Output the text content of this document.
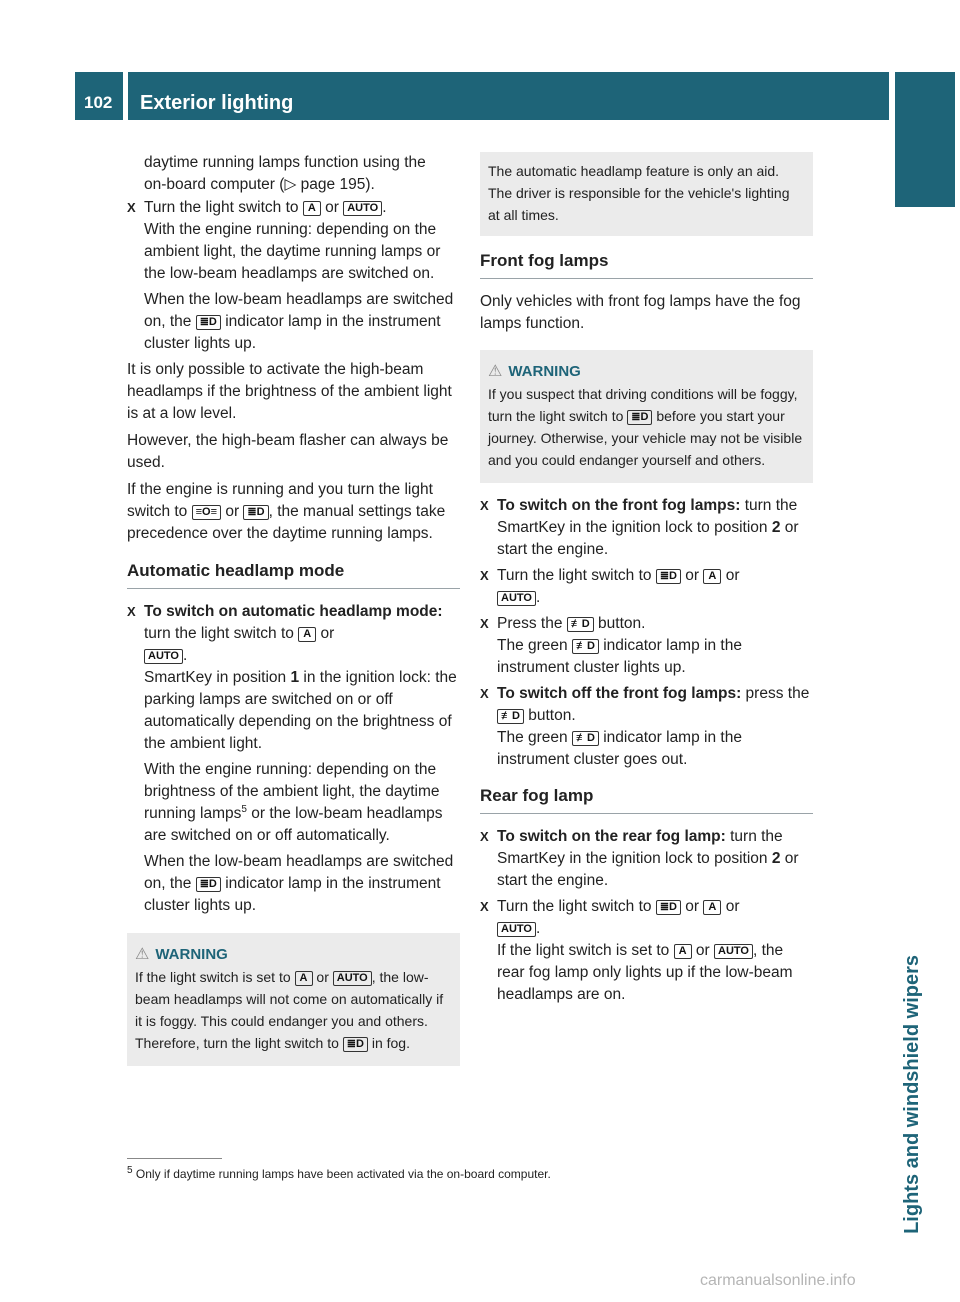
102 Exterior lighting
Lights and windshield wipers

daytime running lamps function using the
on-board computer (▷ page 195).

X Turn the light switch to A or AUTO .

With the engine running: depending on the ambient light, the daytime running lamps or the low-beam headlamps are switched on.

When the low-beam headlamps are switched on, the ≣D indicator lamp in the instrument cluster lights up.

It is only possible to activate the high-beam headlamps if the brightness of the ambient light is at a low level.

However, the high-beam flasher can always be used.

If the engine is running and you turn the light switch to ≡O≡ or ≣D , the manual settings take precedence over the daytime running lamps.

Automatic headlamp mode
X To switch on automatic headlamp mode: turn the light switch to A or
AUTO .

SmartKey in position 1 in the ignition lock: the parking lamps are switched on or off automatically depending on the brightness of the ambient light.

With the engine running: depending on the brightness of the ambient light, the daytime running lamps$^5$ or the low-beam headlamps are switched on or off automatically.

When the low-beam headlamps are switched on, the ≣D indicator lamp in the instrument cluster lights up.

⚠ WARNING
If the light switch is set to A or AUTO , the low-beam headlamps will not come on automatically if it is foggy. This could endanger you and others. Therefore, turn the light switch to ≣D in fog.
The automatic headlamp feature is only an aid. The driver is responsible for the vehicle's lighting at all times.
Front fog lamps

Only vehicles with front fog lamps have the fog lamps function.

⚠ WARNING
If you suspect that driving conditions will be foggy, turn the light switch to ≣D before you start your journey. Otherwise, your vehicle may not be visible and you could endanger yourself and others.
X To switch on the front fog lamps: turn the SmartKey in the ignition lock to position 2 or start the engine.
X Turn the light switch to ≣D or A or
AUTO .
X Press the ≢D button.

The green ≢D indicator lamp in the instrument cluster lights up.

X To switch off the front fog lamps: press the ≢D button.

The green ≢D indicator lamp in the instrument cluster goes out.

Rear fog lamp
X To switch on the rear fog lamp: turn the SmartKey in the ignition lock to position 2 or start the engine.
X Turn the light switch to ≣D or A or
AUTO .

If the light switch is set to A or AUTO , the rear fog lamp only lights up if the low-beam headlamps are on.

$^5$ Only if daytime running lamps have been activated via the on-board computer.
carmanualsonline.info
